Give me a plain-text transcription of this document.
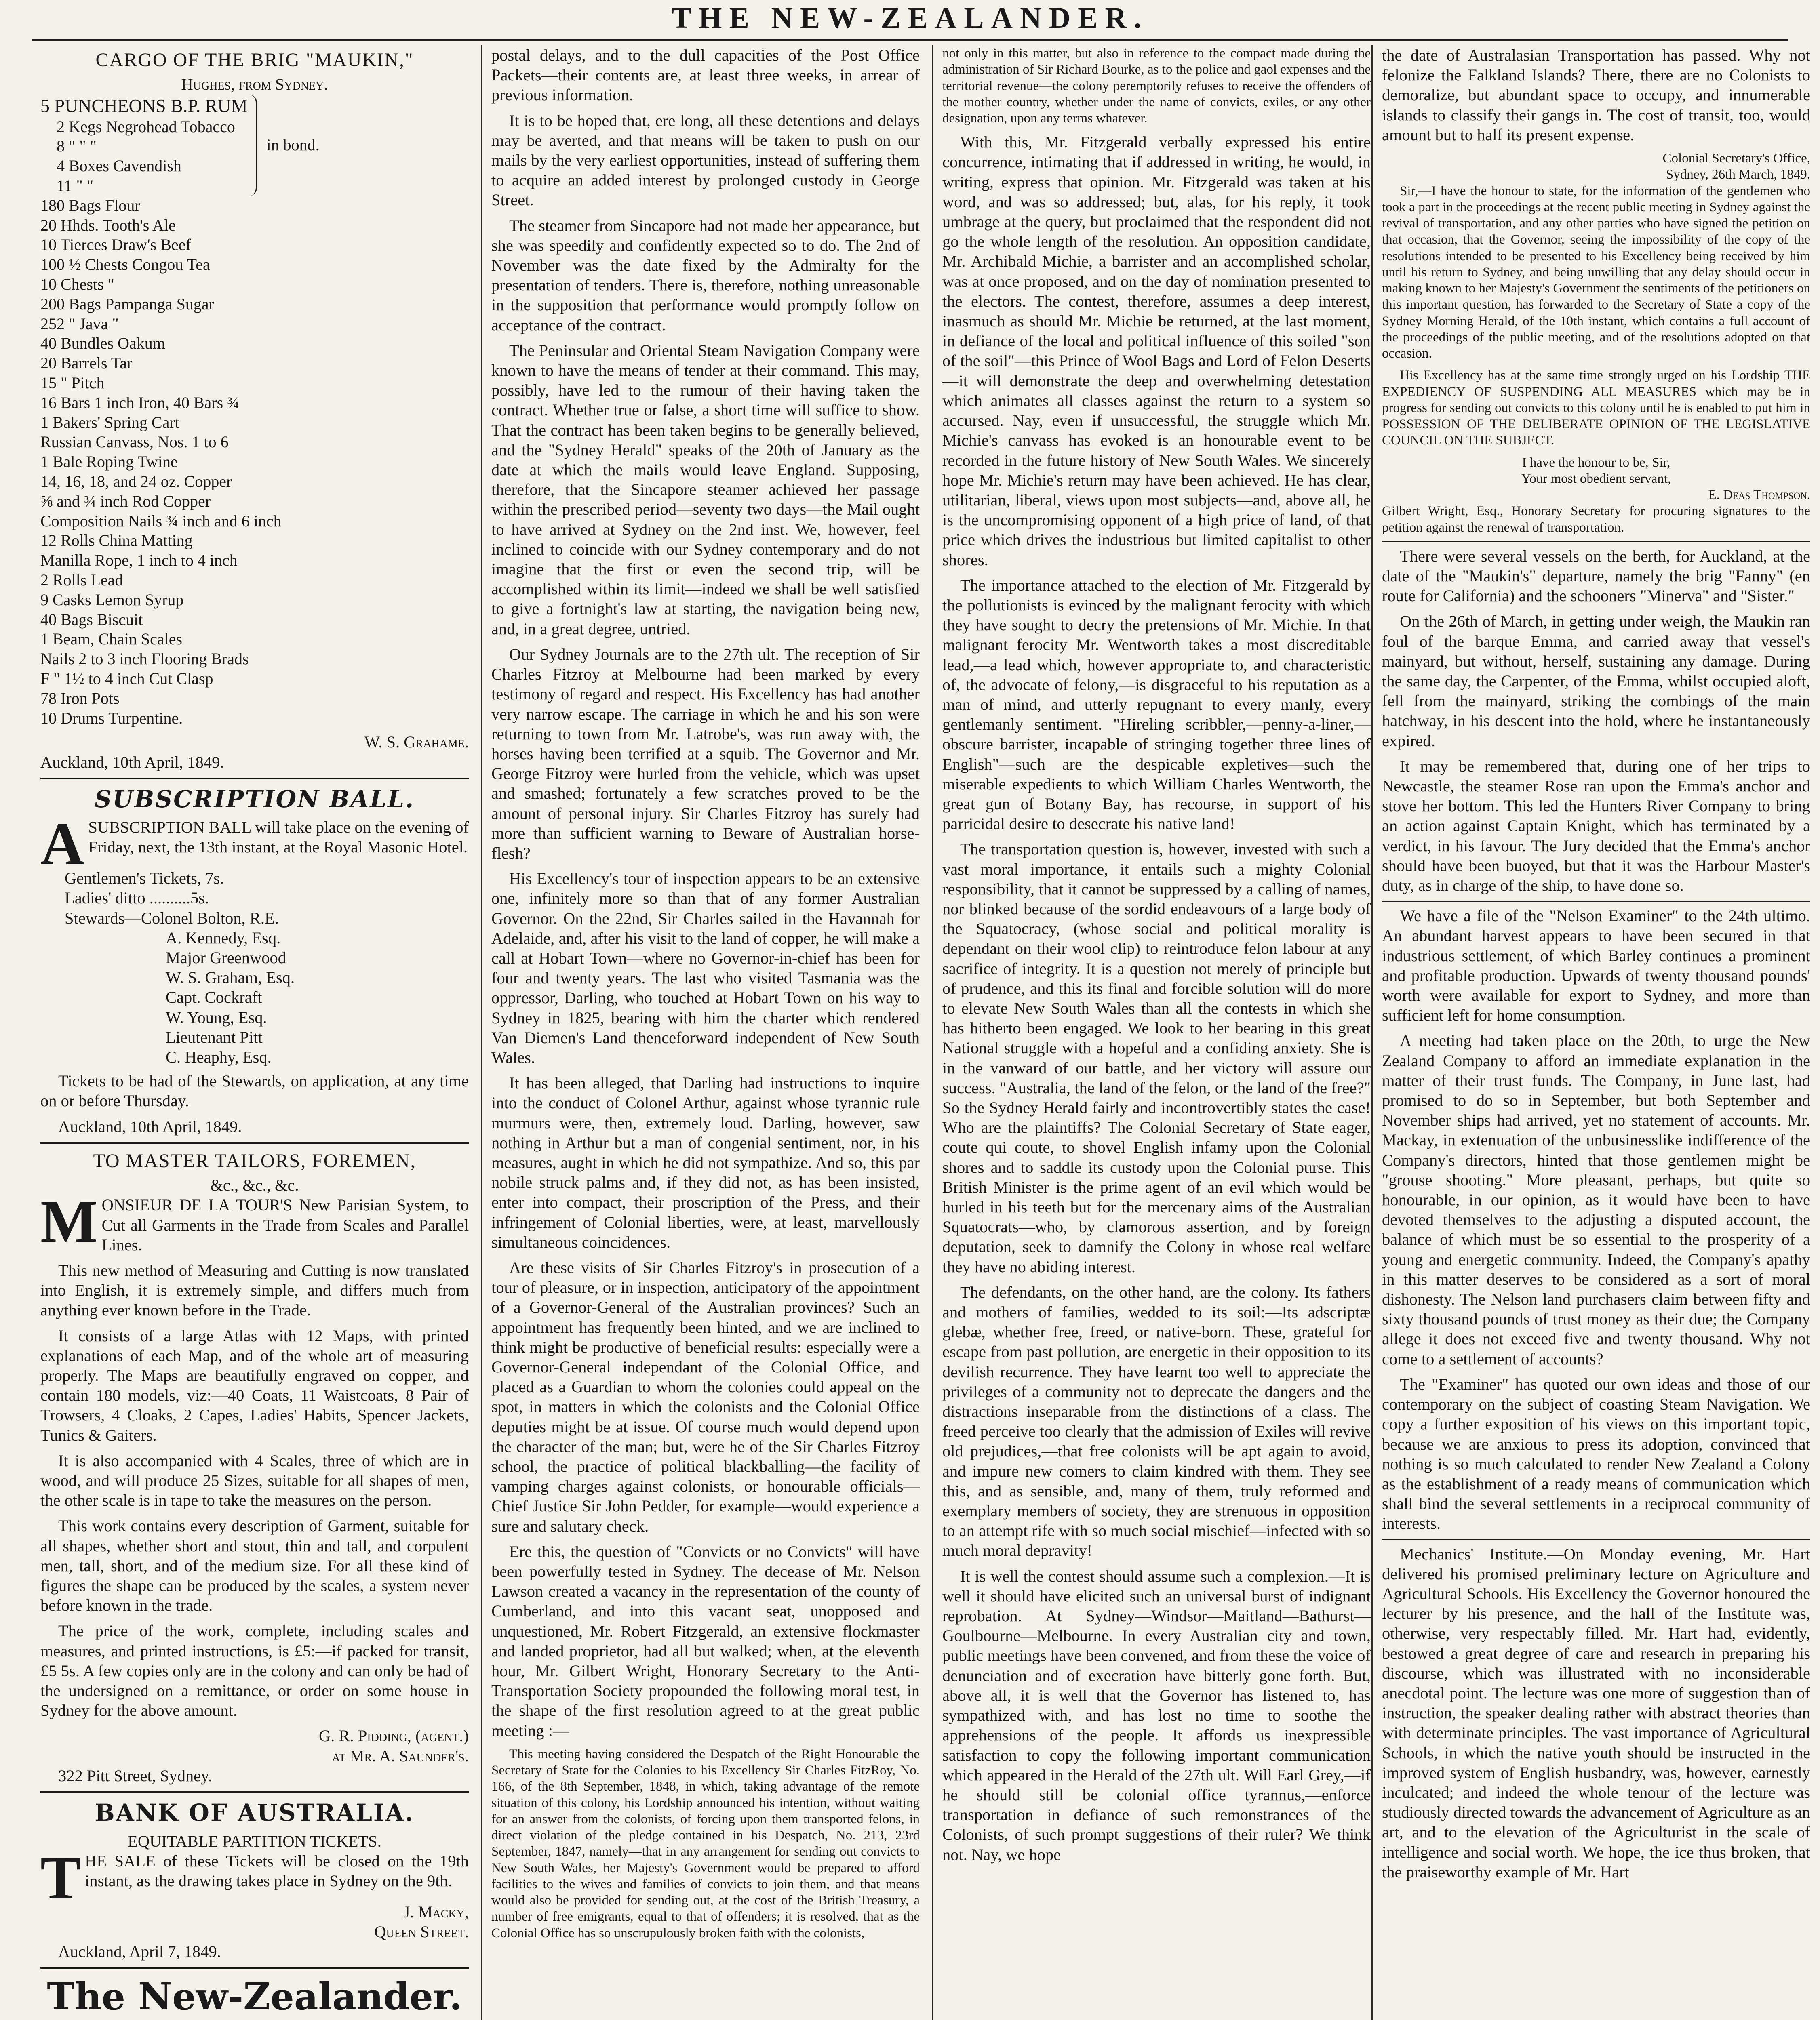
THE NEW-ZEALANDER.
CARGO OF THE BRIG "MAUKIN,"
Hughes, from Sydney.
5 PUNCHEONS B.P. RUM
2 Kegs Negrohead Tobacco
8 " " "
4 Boxes Cavendish
11 " "
in bond.
180 Bags Flour
20 Hhds. Tooth's Ale
10 Tierces Draw's Beef
100 ½ Chests Congou Tea
10 Chests "
200 Bags Pampanga Sugar
252 " Java "
40 Bundles Oakum
20 Barrels Tar
15 " Pitch
16 Bars 1 inch Iron, 40 Bars ¾
1 Bakers' Spring Cart
Russian Canvass, Nos. 1 to 6
1 Bale Roping Twine
14, 16, 18, and 24 oz. Copper
⅝ and ¾ inch Rod Copper
Composition Nails ¾ inch and 6 inch
12 Rolls China Matting
Manilla Rope, 1 inch to 4 inch
2 Rolls Lead
9 Casks Lemon Syrup
40 Bags Biscuit
1 Beam, Chain Scales
Nails 2 to 3 inch Flooring Brads
F " 1½ to 4 inch Cut Clasp
78 Iron Pots
10 Drums Turpentine.

W. S. Grahame.

Auckland, 10th April, 1849.

SUBSCRIPTION BALL.

ASUBSCRIPTION BALL will take place on the evening of Friday, next, the 13th instant, at the Royal Masonic Hotel.

Gentlemen's Tickets, 7s.
Ladies' ditto ..........5s.
Stewards—Colonel Bolton, R.E.
A. Kennedy, Esq.
Major Greenwood
W. S. Graham, Esq.
Capt. Cockraft
W. Young, Esq.
Lieutenant Pitt
C. Heaphy, Esq.

Tickets to be had of the Stewards, on application, at any time on or before Thursday.

Auckland, 10th April, 1849.

TO MASTER TAILORS, FOREMEN,
&c., &c., &c.

MONSIEUR DE LA TOUR'S New Parisian System, to Cut all Garments in the Trade from Scales and Parallel Lines.

This new method of Measuring and Cutting is now translated into English, it is extremely simple, and differs much from anything ever known before in the Trade.

It consists of a large Atlas with 12 Maps, with printed explanations of each Map, and of the whole art of measuring properly. The Maps are beautifully engraved on copper, and contain 180 models, viz:—40 Coats, 11 Waistcoats, 8 Pair of Trowsers, 4 Cloaks, 2 Capes, Ladies' Habits, Spencer Jackets, Tunics & Gaiters.

It is also accompanied with 4 Scales, three of which are in wood, and will produce 25 Sizes, suitable for all shapes of men, the other scale is in tape to take the measures on the person.

This work contains every description of Garment, suitable for all shapes, whether short and stout, thin and tall, and corpulent men, tall, short, and of the medium size. For all these kind of figures the shape can be produced by the scales, a system never before known in the trade.

The price of the work, complete, including scales and measures, and printed instructions, is £5:—if packed for transit, £5 5s. A few copies only are in the colony and can only be had of the undersigned on a remittance, or order on some house in Sydney for the above amount.

G. R. Pidding, (agent.)

at Mr. A. Saunder's.

322 Pitt Street, Sydney.

BANK OF AUSTRALIA.
EQUITABLE PARTITION TICKETS.

THE SALE of these Tickets will be closed on the 19th instant, as the drawing takes place in Sydney on the 9th.

J. Macky,

Queen Street.

Auckland, April 7, 1849.

The New-Zealander.

postal delays, and to the dull capacities of the Post Office Packets—their contents are, at least three weeks, in arrear of previous information.

It is to be hoped that, ere long, all these detentions and delays may be averted, and that means will be taken to push on our mails by the very earliest opportunities, instead of suffering them to acquire an added interest by prolonged custody in George Street.

The steamer from Sincapore had not made her appearance, but she was speedily and confidently expected so to do. The 2nd of November was the date fixed by the Admiralty for the presentation of tenders. There is, therefore, nothing unreasonable in the supposition that performance would promptly follow on acceptance of the contract.

The Peninsular and Oriental Steam Navigation Company were known to have the means of tender at their command. This may, possibly, have led to the rumour of their having taken the contract. Whether true or false, a short time will suffice to show. That the contract has been taken begins to be generally believed, and the "Sydney Herald" speaks of the 20th of January as the date at which the mails would leave England. Supposing, therefore, that the Sincapore steamer achieved her passage within the prescribed period—seventy two days—the Mail ought to have arrived at Sydney on the 2nd inst. We, however, feel inclined to coincide with our Sydney contemporary and do not imagine that the first or even the second trip, will be accomplished within its limit—indeed we shall be well satisfied to give a fortnight's law at starting, the navigation being new, and, in a great degree, untried.

Our Sydney Journals are to the 27th ult. The reception of Sir Charles Fitzroy at Melbourne had been marked by every testimony of regard and respect. His Excellency has had another very narrow escape. The carriage in which he and his son were returning to town from Mr. Latrobe's, was run away with, the horses having been terrified at a squib. The Governor and Mr. George Fitzroy were hurled from the vehicle, which was upset and smashed; fortunately a few scratches proved to be the amount of personal injury. Sir Charles Fitzroy has surely had more than sufficient warning to Beware of Australian horse-flesh?

His Excellency's tour of inspection appears to be an extensive one, infinitely more so than that of any former Australian Governor. On the 22nd, Sir Charles sailed in the Havannah for Adelaide, and, after his visit to the land of copper, he will make a call at Hobart Town—where no Governor-in-chief has been for four and twenty years. The last who visited Tasmania was the oppressor, Darling, who touched at Hobart Town on his way to Sydney in 1825, bearing with him the charter which rendered Van Diemen's Land thenceforward independent of New South Wales.

It has been alleged, that Darling had instructions to inquire into the conduct of Colonel Arthur, against whose tyrannic rule murmurs were, then, extremely loud. Darling, however, saw nothing in Arthur but a man of congenial sentiment, nor, in his measures, aught in which he did not sympathize. And so, this par nobile struck palms and, if they did not, as has been insisted, enter into compact, their proscription of the Press, and their infringement of Colonial liberties, were, at least, marvellously simultaneous coincidences.

Are these visits of Sir Charles Fitzroy's in prosecution of a tour of pleasure, or in inspection, anticipatory of the appointment of a Governor-General of the Australian provinces? Such an appointment has frequently been hinted, and we are inclined to think might be productive of beneficial results: especially were a Governor-General independant of the Colonial Office, and placed as a Guardian to whom the colonies could appeal on the spot, in matters in which the colonists and the Colonial Office deputies might be at issue. Of course much would depend upon the character of the man; but, were he of the Sir Charles Fitzroy school, the practice of political blackballing—the facility of vamping charges against colonists, or honourable officials—Chief Justice Sir John Pedder, for example—would experience a sure and salutary check.

Ere this, the question of "Convicts or no Convicts" will have been powerfully tested in Sydney. The decease of Mr. Nelson Lawson created a vacancy in the representation of the county of Cumberland, and into this vacant seat, unopposed and unquestioned, Mr. Robert Fitzgerald, an extensive flockmaster and landed proprietor, had all but walked; when, at the eleventh hour, Mr. Gilbert Wright, Honorary Secretary to the Anti-Transportation Society propounded the following moral test, in the shape of the first resolution agreed to at the great public meeting :—

This meeting having considered the Despatch of the Right Honourable the Secretary of State for the Colonies to his Excellency Sir Charles FitzRoy, No. 166, of the 8th September, 1848, in which, taking advantage of the remote situation of this colony, his Lordship announced his intention, without waiting for an answer from the colonists, of forcing upon them transported felons, in direct violation of the pledge contained in his Despatch, No. 213, 23rd September, 1847, namely—that in any arrangement for sending out convicts to New South Wales, her Majesty's Government would be prepared to afford facilities to the wives and families of convicts to join them, and that means would also be provided for sending out, at the cost of the British Treasury, a number of free emigrants, equal to that of offenders; it is resolved, that as the Colonial Office has so unscrupulously broken faith with the colonists,

not only in this matter, but also in reference to the compact made during the administration of Sir Richard Bourke, as to the police and gaol expenses and the territorial revenue—the colony peremptorily refuses to receive the offenders of the mother country, whether under the name of convicts, exiles, or any other designation, upon any terms whatever.

With this, Mr. Fitzgerald verbally expressed his entire concurrence, intimating that if addressed in writing, he would, in writing, express that opinion. Mr. Fitzgerald was taken at his word, and was so addressed; but, alas, for his reply, it took umbrage at the query, but proclaimed that the respondent did not go the whole length of the resolution. An opposition candidate, Mr. Archibald Michie, a barrister and an accomplished scholar, was at once proposed, and on the day of nomination presented to the electors. The contest, therefore, assumes a deep interest, inasmuch as should Mr. Michie be returned, at the last moment, in defiance of the local and political influence of this soiled "son of the soil"—this Prince of Wool Bags and Lord of Felon Deserts—it will demonstrate the deep and overwhelming detestation which animates all classes against the return to a system so accursed. Nay, even if unsuccessful, the struggle which Mr. Michie's canvass has evoked is an honourable event to be recorded in the future history of New South Wales. We sincerely hope Mr. Michie's return may have been achieved. He has clear, utilitarian, liberal, views upon most subjects—and, above all, he is the uncompromising opponent of a high price of land, of that price which drives the industrious but limited capitalist to other shores.

The importance attached to the election of Mr. Fitzgerald by the pollutionists is evinced by the malignant ferocity with which they have sought to decry the pretensions of Mr. Michie. In that malignant ferocity Mr. Wentworth takes a most discreditable lead,—a lead which, however appropriate to, and characteristic of, the advocate of felony,—is disgraceful to his reputation as a man of mind, and utterly repugnant to every manly, every gentlemanly sentiment. "Hireling scribbler,—penny-a-liner,—obscure barrister, incapable of stringing together three lines of English"—such are the despicable expletives—such the miserable expedients to which William Charles Wentworth, the great gun of Botany Bay, has recourse, in support of his parricidal desire to desecrate his native land!

The transportation question is, however, invested with such a vast moral importance, it entails such a mighty Colonial responsibility, that it cannot be suppressed by a calling of names, nor blinked because of the sordid endeavours of a large body of the Squatocracy, (whose social and political morality is dependant on their wool clip) to reintroduce felon labour at any sacrifice of integrity. It is a question not merely of principle but of prudence, and this its final and forcible solution will do more to elevate New South Wales than all the contests in which she has hitherto been engaged. We look to her bearing in this great National struggle with a hopeful and a confiding anxiety. She is in the vanward of our battle, and her victory will assure our success. "Australia, the land of the felon, or the land of the free?" So the Sydney Herald fairly and incontrovertibly states the case! Who are the plaintiffs? The Colonial Secretary of State eager, coute qui coute, to shovel English infamy upon the Colonial shores and to saddle its custody upon the Colonial purse. This British Minister is the prime agent of an evil which would be hurled in his teeth but for the mercenary aims of the Australian Squatocrats—who, by clamorous assertion, and by foreign deputation, seek to damnify the Colony in whose real welfare they have no abiding interest.

The defendants, on the other hand, are the colony. Its fathers and mothers of families, wedded to its soil:—Its adscriptæ glebæ, whether free, freed, or native-born. These, grateful for escape from past pollution, are energetic in their opposition to its devilish recurrence. They have learnt too well to appreciate the privileges of a community not to deprecate the dangers and the distractions inseparable from the distinctions of a class. The freed perceive too clearly that the admission of Exiles will revive old prejudices,—that free colonists will be apt again to avoid, and impure new comers to claim kindred with them. They see this, and as sensible, and, many of them, truly reformed and exemplary members of society, they are strenuous in opposition to an attempt rife with so much social mischief—infected with so much moral depravity!

It is well the contest should assume such a complexion.—It is well it should have elicited such an universal burst of indignant reprobation. At Sydney—Windsor—Maitland—Bathurst—Goulbourne—Melbourne. In every Australian city and town, public meetings have been convened, and from these the voice of denunciation and of execration have bitterly gone forth. But, above all, it is well that the Governor has listened to, has sympathized with, and has lost no time to soothe the apprehensions of the people. It affords us inexpressible satisfaction to copy the following important communication which appeared in the Herald of the 27th ult. Will Earl Grey,—if he should still be colonial office tyrannus,—enforce transportation in defiance of such remonstrances of the Colonists, of such prompt suggestions of their ruler? We think not. Nay, we hope

the date of Australasian Transportation has passed. Why not felonize the Falkland Islands? There, there are no Colonists to demoralize, but abundant space to occupy, and innumerable islands to classify their gangs in. The cost of transit, too, would amount but to half its present expense.

Colonial Secretary's Office,
Sydney, 26th March, 1849.

Sir,—I have the honour to state, for the information of the gentlemen who took a part in the proceedings at the recent public meeting in Sydney against the revival of transportation, and any other parties who have signed the petition on that occasion, that the Governor, seeing the impossibility of the copy of the resolutions intended to be presented to his Excellency being received by him until his return to Sydney, and being unwilling that any delay should occur in making known to her Majesty's Government the sentiments of the petitioners on this important question, has forwarded to the Secretary of State a copy of the Sydney Morning Herald, of the 10th instant, which contains a full account of the proceedings of the public meeting, and of the resolutions adopted on that occasion.

His Excellency has at the same time strongly urged on his Lordship THE EXPEDIENCY OF SUSPENDING ALL MEASURES which may be in progress for sending out convicts to this colony until he is enabled to put him in POSSESSION OF THE DELIBERATE OPINION OF THE LEGISLATIVE COUNCIL ON THE SUBJECT.

I have the honour to be, Sir,
Your most obedient servant,
E. Deas Thompson.

Gilbert Wright, Esq., Honorary Secretary for procuring signatures to the petition against the renewal of transportation.

There were several vessels on the berth, for Auckland, at the date of the "Maukin's" departure, namely the brig "Fanny" (en route for California) and the schooners "Minerva" and "Sister."

On the 26th of March, in getting under weigh, the Maukin ran foul of the barque Emma, and carried away that vessel's mainyard, but without, herself, sustaining any damage. During the same day, the Carpenter, of the Emma, whilst occupied aloft, fell from the mainyard, striking the combings of the main hatchway, in his descent into the hold, where he instantaneously expired.

It may be remembered that, during one of her trips to Newcastle, the steamer Rose ran upon the Emma's anchor and stove her bottom. This led the Hunters River Company to bring an action against Captain Knight, which has terminated by a verdict, in his favour. The Jury decided that the Emma's anchor should have been buoyed, but that it was the Harbour Master's duty, as in charge of the ship, to have done so.

We have a file of the "Nelson Examiner" to the 24th ultimo. An abundant harvest appears to have been secured in that industrious settlement, of which Barley continues a prominent and profitable production. Upwards of twenty thousand pounds' worth were available for export to Sydney, and more than sufficient left for home consumption.

A meeting had taken place on the 20th, to urge the New Zealand Company to afford an immediate explanation in the matter of their trust funds. The Company, in June last, had promised to do so in September, but both September and November ships had arrived, yet no statement of accounts. Mr. Mackay, in extenuation of the unbusinesslike indifference of the Company's directors, hinted that those gentlemen might be "grouse shooting." More pleasant, perhaps, but quite so honourable, in our opinion, as it would have been to have devoted themselves to the adjusting a disputed account, the balance of which must be so essential to the prosperity of a young and energetic community. Indeed, the Company's apathy in this matter deserves to be considered as a sort of moral dishonesty. The Nelson land purchasers claim between fifty and sixty thousand pounds of trust money as their due; the Company allege it does not exceed five and twenty thousand. Why not come to a settlement of accounts?

The "Examiner" has quoted our own ideas and those of our contemporary on the subject of coasting Steam Navigation. We copy a further exposition of his views on this important topic, because we are anxious to press its adoption, convinced that nothing is so much calculated to render New Zealand a Colony as the establishment of a ready means of communication which shall bind the several settlements in a reciprocal community of interests.

Mechanics' Institute.—On Monday evening, Mr. Hart delivered his promised preliminary lecture on Agriculture and Agricultural Schools. His Excellency the Governor honoured the lecturer by his presence, and the hall of the Institute was, otherwise, very respectably filled. Mr. Hart had, evidently, bestowed a great degree of care and research in preparing his discourse, which was illustrated with no inconsiderable anecdotal point. The lecture was one more of suggestion than of instruction, the speaker dealing rather with abstract theories than with determinate principles. The vast importance of Agricultural Schools, in which the native youth should be instructed in the improved system of English husbandry, was, however, earnestly inculcated; and indeed the whole tenour of the lecture was studiously directed towards the advancement of Agriculture as an art, and to the elevation of the Agriculturist in the scale of intelligence and social worth. We hope, the ice thus broken, that the praiseworthy example of Mr. Hart
